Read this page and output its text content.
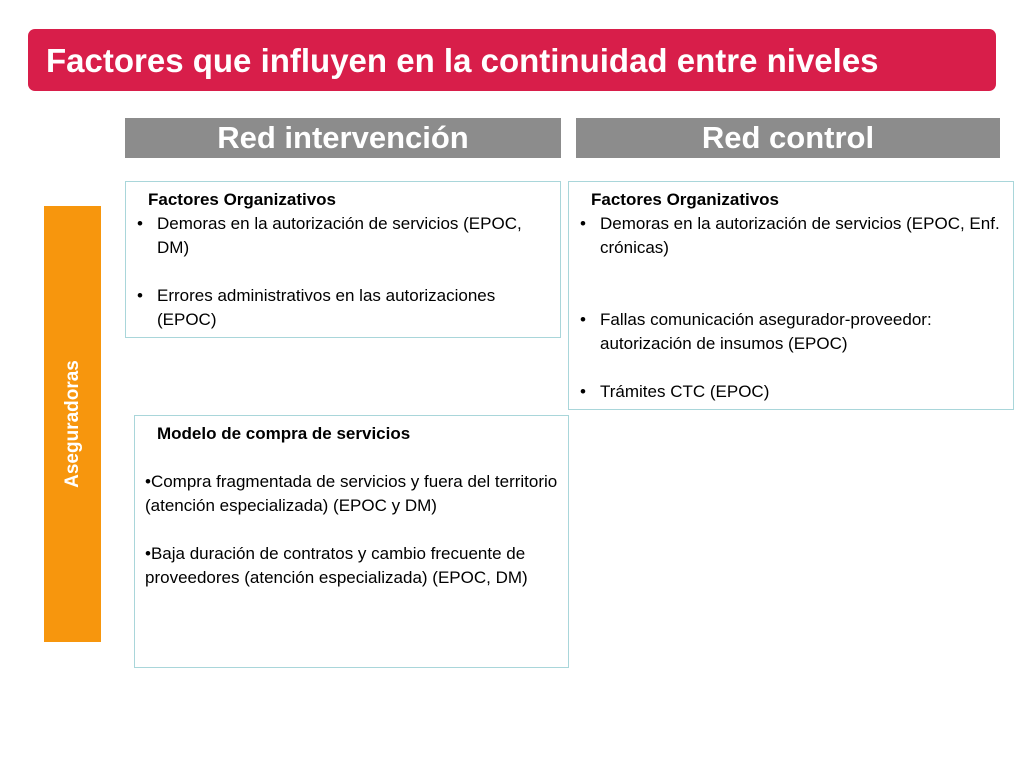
Factores que influyen en la continuidad entre niveles
Red intervención	Red control
Aseguradoras
Factores Organizativos
• Demoras en la autorización de servicios (EPOC, DM)
• Errores administrativos en las autorizaciones (EPOC)
Factores Organizativos
• Demoras en la autorización de servicios (EPOC, Enf. crónicas)
• Fallas comunicación asegurador-proveedor: autorización de insumos (EPOC)
• Trámites CTC (EPOC)
Modelo de compra de servicios

•Compra fragmentada de servicios y fuera del territorio (atención especializada) (EPOC y DM)

•Baja duración de contratos y cambio frecuente de proveedores (atención especializada) (EPOC, DM)
